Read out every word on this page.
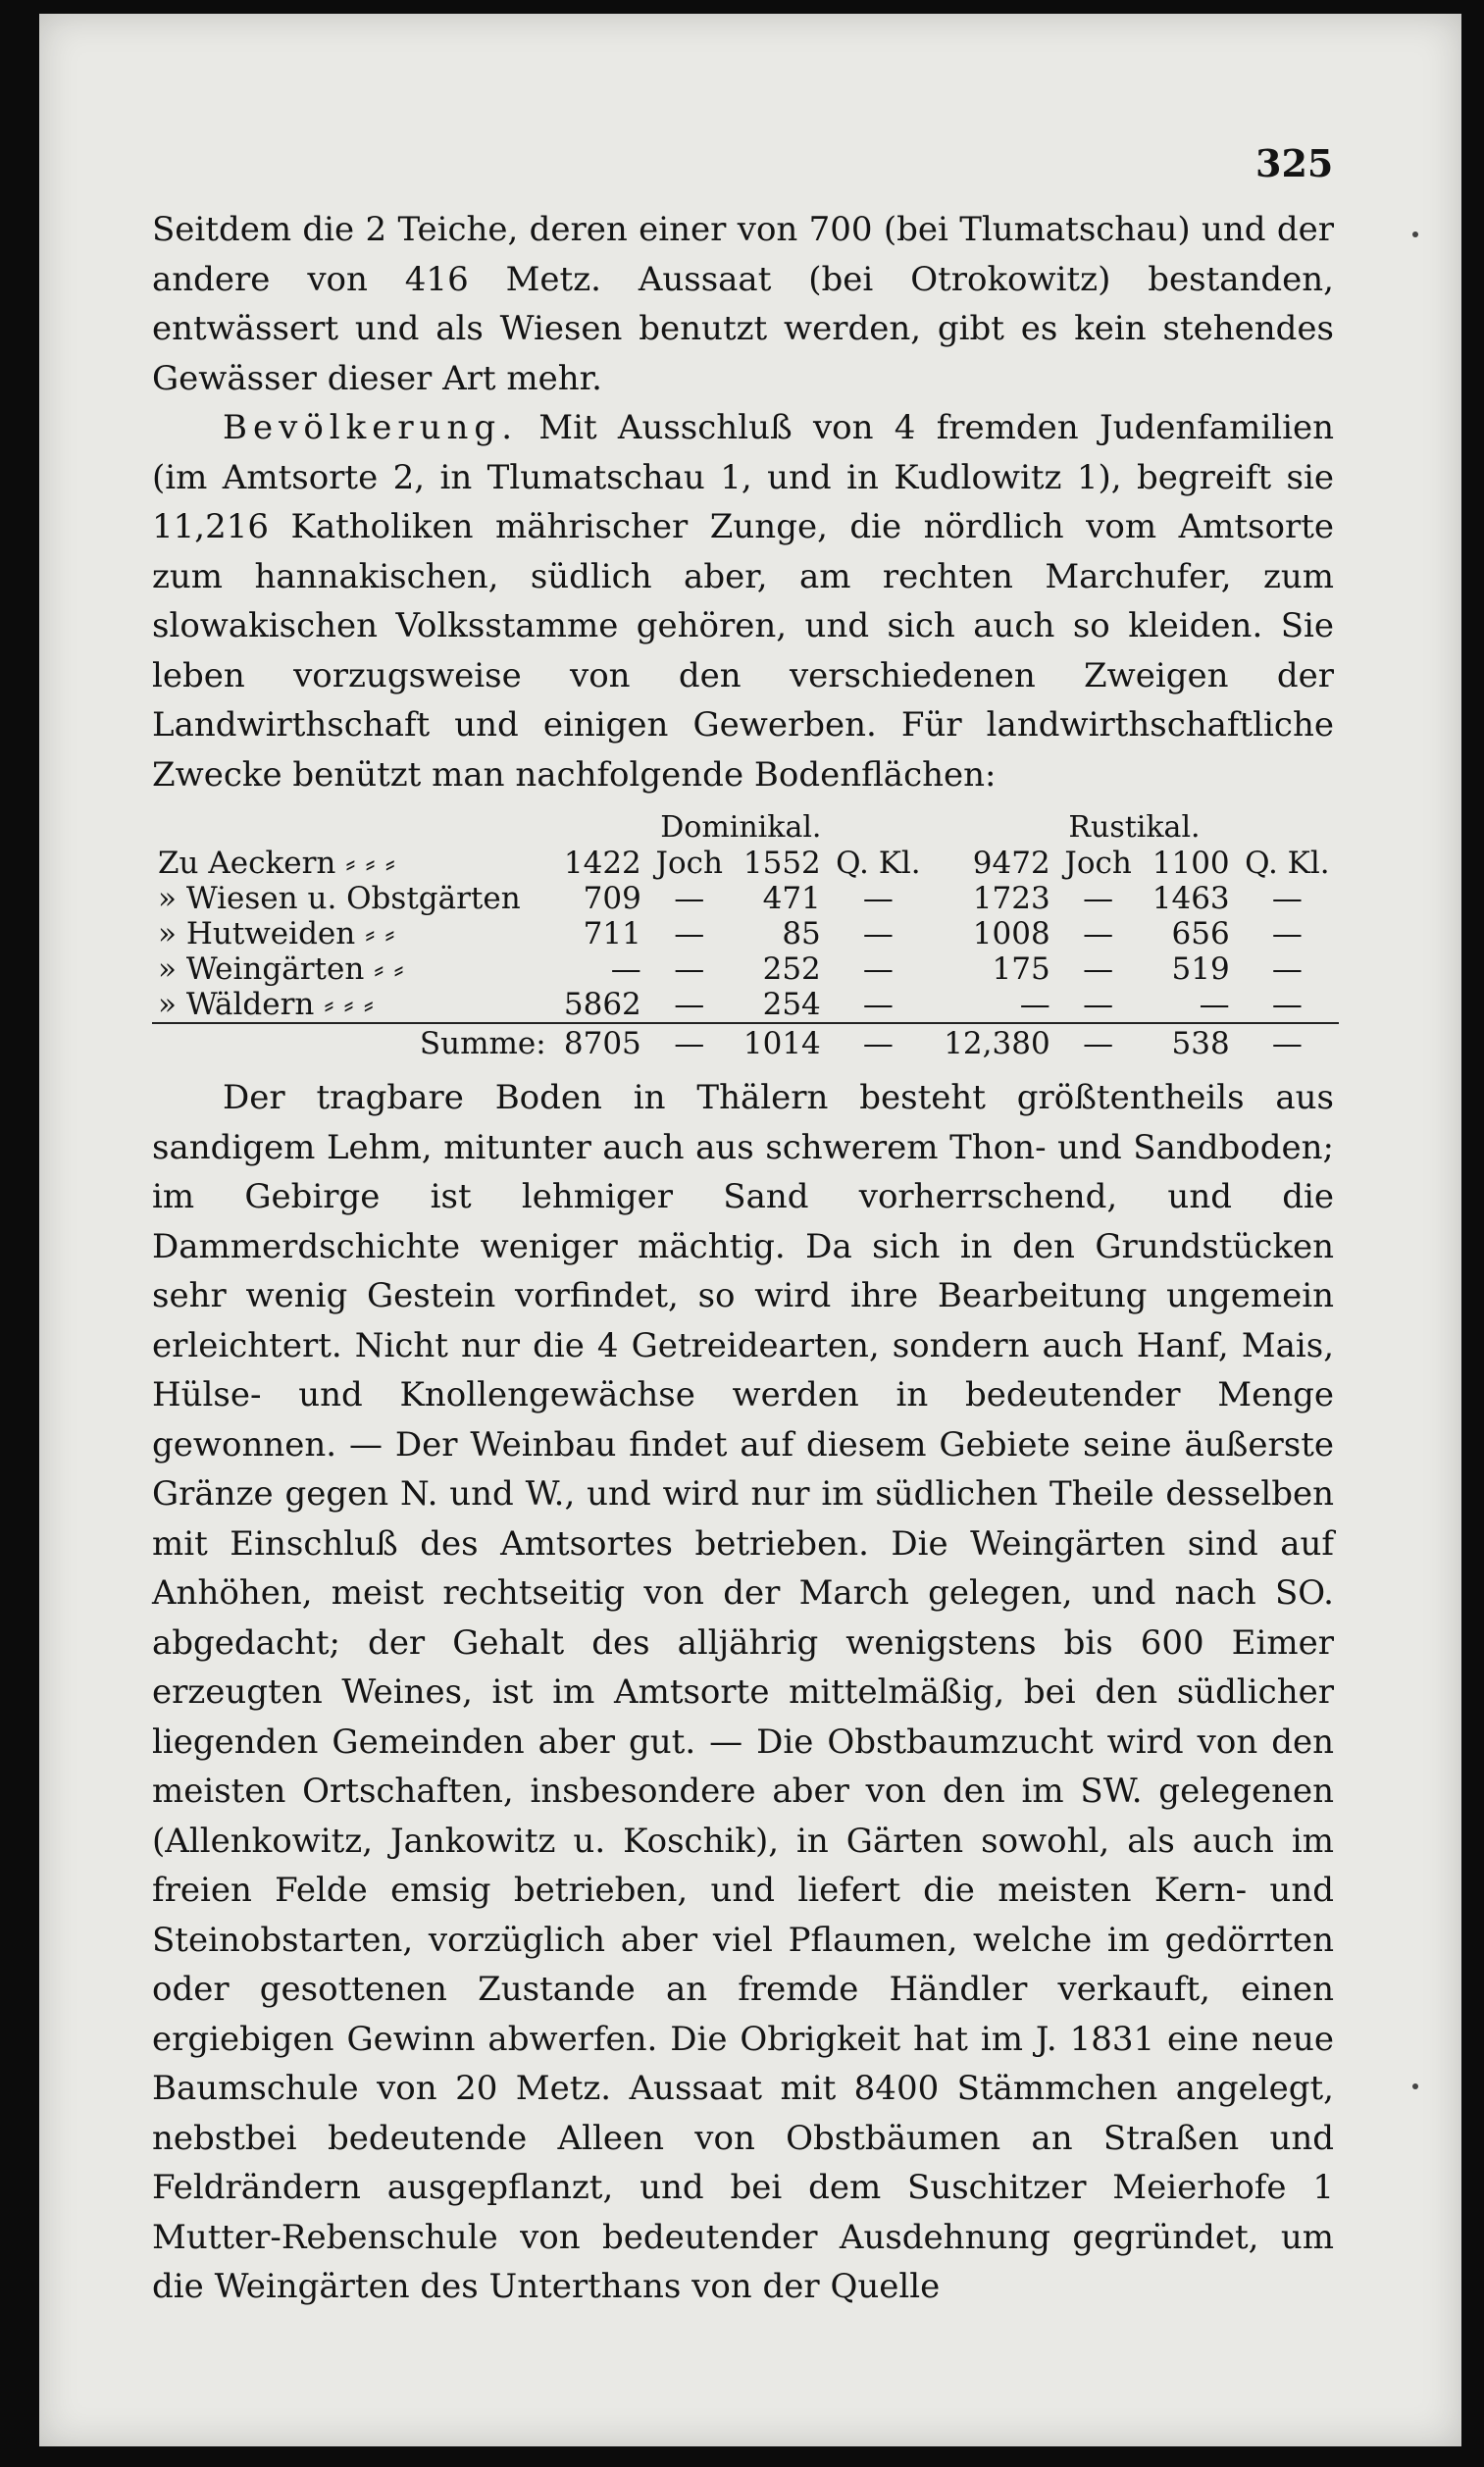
325

Seitdem die 2 Teiche, deren einer von 700 (bei Tlumatschau) und der andere von 416 Metz. Aussaat (bei Otrokowitz) bestanden, entwässert und als Wiesen benutzt werden, gibt es kein stehendes Gewässer dieser Art mehr.

Bevölkerung. Mit Ausschluß von 4 fremden Judenfamilien (im Amtsorte 2, in Tlumatschau 1, und in Kudlowitz 1), begreift sie 11,216 Katholiken mährischer Zunge, die nördlich vom Amtsorte zum hannakischen, südlich aber, am rechten Marchufer, zum slowakischen Volksstamme gehören, und sich auch so kleiden. Sie leben vorzugsweise von den verschiedenen Zweigen der Landwirthschaft und einigen Gewerben. Für landwirthschaftliche Zwecke benützt man nachfolgende Bodenflächen:

	Dominikal.				Rustikal.			
Zu Aeckern ⸗ ⸗ ⸗	1422	Joch	1552	Q. Kl.	9472	Joch	1100	Q. Kl.
» Wiesen u. Obstgärten	709	—	471	—	1723	—	1463	—
» Hutweiden ⸗ ⸗	711	—	85	—	1008	—	656	—
» Weingärten ⸗ ⸗	—	—	252	—	175	—	519	—
» Wäldern ⸗ ⸗ ⸗	5862	—	254	—	—	—	—	—
Summe:	8705	—	1014	—	12,380	—	538	—

Der tragbare Boden in Thälern besteht größtentheils aus sandigem Lehm, mitunter auch aus schwerem Thon- und Sandboden; im Gebirge ist lehmiger Sand vorherrschend, und die Dammerdschichte weniger mächtig. Da sich in den Grundstücken sehr wenig Gestein vorfindet, so wird ihre Bearbeitung ungemein erleichtert. Nicht nur die 4 Getreidearten, sondern auch Hanf, Mais, Hülse- und Knollengewächse werden in bedeutender Menge gewonnen. — Der Weinbau findet auf diesem Gebiete seine äußerste Gränze gegen N. und W., und wird nur im südlichen Theile desselben mit Einschluß des Amtsortes betrieben. Die Weingärten sind auf Anhöhen, meist rechtseitig von der March gelegen, und nach SO. abgedacht; der Gehalt des alljährig wenigstens bis 600 Eimer erzeugten Weines, ist im Amtsorte mittelmäßig, bei den südlicher liegenden Gemeinden aber gut. — Die Obstbaumzucht wird von den meisten Ortschaften, insbesondere aber von den im SW. gelegenen (Allenkowitz, Jankowitz u. Koschik), in Gärten sowohl, als auch im freien Felde emsig betrieben, und liefert die meisten Kern- und Steinobstarten, vorzüglich aber viel Pflaumen, welche im gedörrten oder gesottenen Zustande an fremde Händler verkauft, einen ergiebigen Gewinn abwerfen. Die Obrigkeit hat im J. 1831 eine neue Baumschule von 20 Metz. Aussaat mit 8400 Stämmchen angelegt, nebstbei bedeutende Alleen von Obstbäumen an Straßen und Feldrändern ausgepflanzt, und bei dem Suschitzer Meierhofe 1 Mutter-Rebenschule von bedeutender Ausdehnung gegründet, um die Weingärten des Unterthans von der Quelle
